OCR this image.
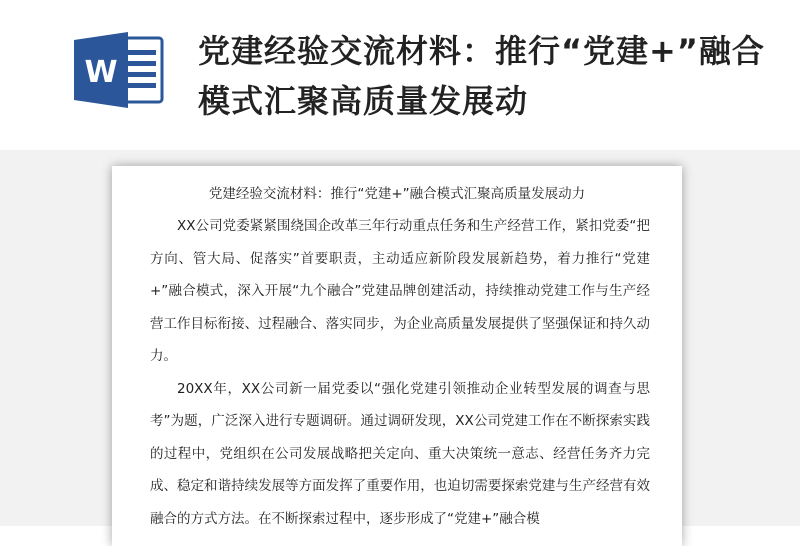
W
党建经验交流材料：推行“党建+”融合模式汇聚高质量发展动
党建经验交流材料：推行“党建+”融合模式汇聚高质量发展动力

XX公司党委紧紧围绕国企改革三年行动重点任务和生产经营工作，紧扣党委“把方向、管大局、促落实”首要职责，主动适应新阶段发展新趋势，着力推行“党建+”融合模式，深入开展“九个融合”党建品牌创建活动，持续推动党建工作与生产经营工作目标衔接、过程融合、落实同步，为企业高质量发展提供了坚强保证和持久动力。

20XX年，XX公司新一届党委以“强化党建引领推动企业转型发展的调查与思考”为题，广泛深入进行专题调研。通过调研发现，XX公司党建工作在不断探索实践的过程中，党组织在公司发展战略把关定向、重大决策统一意志、经营任务齐力完成、稳定和谐持续发展等方面发挥了重要作用，也迫切需要探索党建与生产经营有效融合的方式方法。在不断探索过程中，逐步形成了“党建+”融合模
